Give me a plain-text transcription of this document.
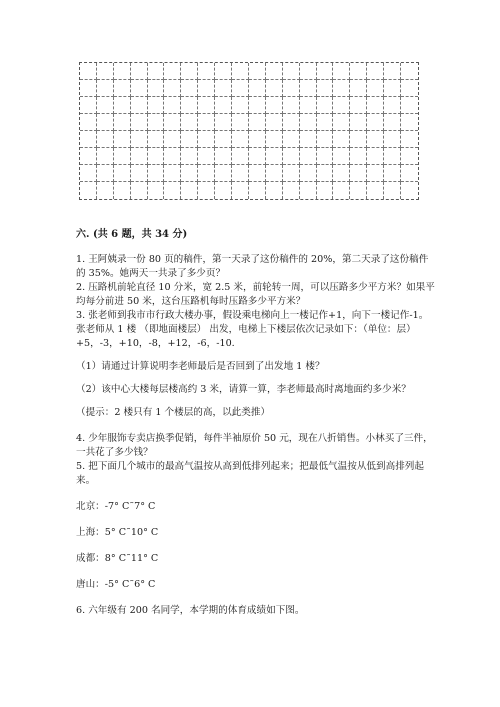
六. (共 6 题，共 34 分)

1. 王阿姨录一份 80 页的稿件，第一天录了这份稿件的 20%，第二天录了这份稿件的 35%。她两天一共录了多少页？

2. 压路机前轮直径 10 分米，宽 2.5 米，前轮转一周，可以压路多少平方米？如果平均每分前进 50 米，这台压路机每时压路多少平方米？

3. 张老师到我市市行政大楼办事，假设乘电梯向上一楼记作+1，向下一楼记作-1。张老师从 1 楼 （即地面楼层） 出发，电梯上下楼层依次记录如下：（单位：层）+5，-3，+10，-8，+12，-6，-10.

（1）请通过计算说明李老师最后是否回到了出发地 1 楼？

（2）该中心大楼每层楼高约 3 米，请算一算，李老师最高时离地面约多少米？

（提示：2 楼只有 1 个楼层的高，以此类推）

4. 少年服饰专卖店换季促销，每件半袖原价 50 元，现在八折销售。小林买了三件，一共花了多少钱？

5. 把下面几个城市的最高气温按从高到低排列起来；把最低气温按从低到高排列起来。

北京：-7° C˜7° C

上海：5° C˜10° C

成都：8° C˜11° C

唐山：-5° C˜6° C

6. 六年级有 200 名同学，本学期的体育成绩如下图。
